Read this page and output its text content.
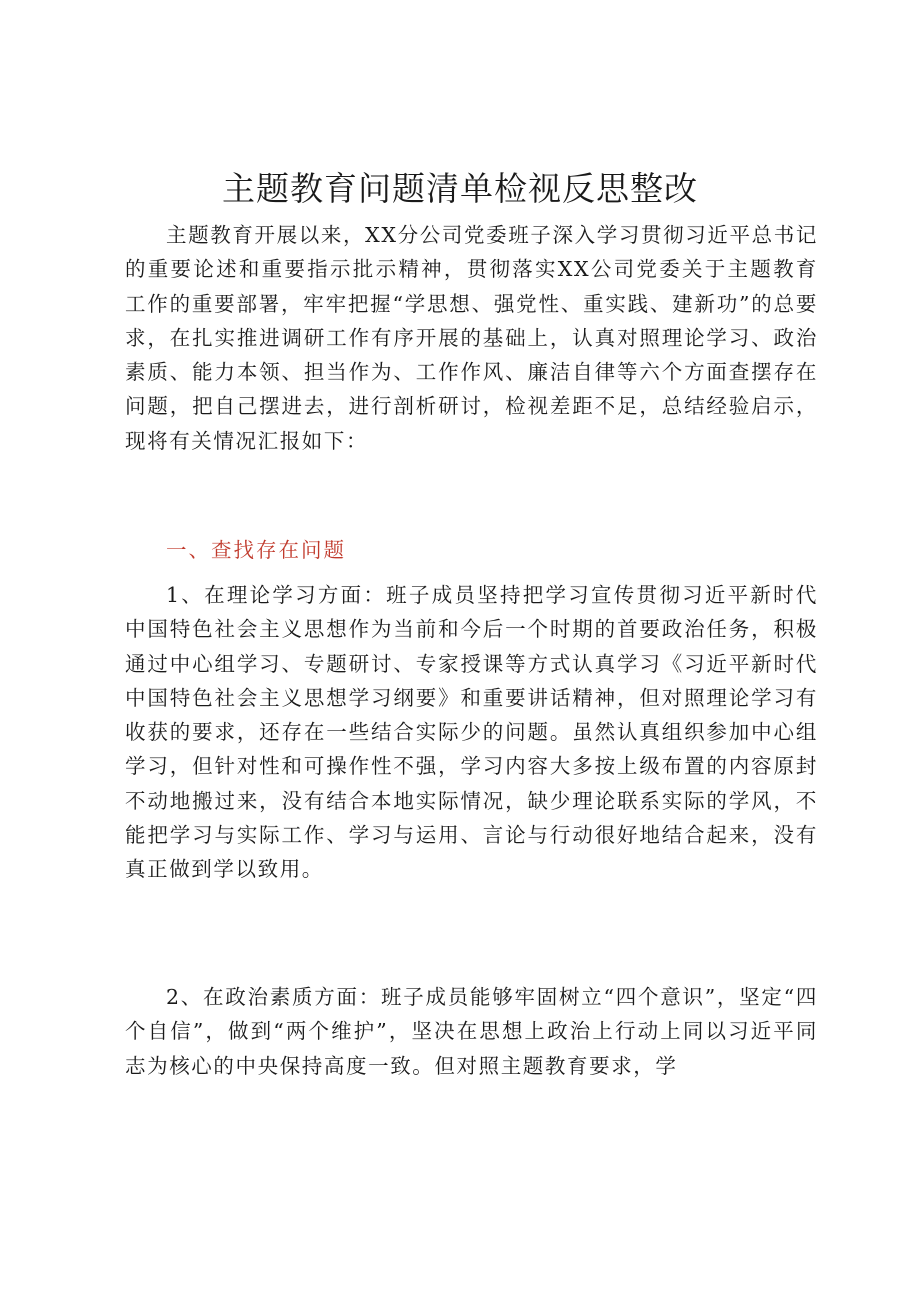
主题教育问题清单检视反思整改

主题教育开展以来，XX分公司党委班子深入学习贯彻习近平总书记的重要论述和重要指示批示精神，贯彻落实XX公司党委关于主题教育工作的重要部署，牢牢把握“学思想、强党性、重实践、建新功”的总要求，在扎实推进调研工作有序开展的基础上，认真对照理论学习、政治素质、能力本领、担当作为、工作作风、廉洁自律等六个方面查摆存在问题，把自己摆进去，进行剖析研讨，检视差距不足，总结经验启示，现将有关情况汇报如下：

一、查找存在问题

1、在理论学习方面：班子成员坚持把学习宣传贯彻习近平新时代中国特色社会主义思想作为当前和今后一个时期的首要政治任务，积极通过中心组学习、专题研讨、专家授课等方式认真学习《习近平新时代中国特色社会主义思想学习纲要》和重要讲话精神，但对照理论学习有收获的要求，还存在一些结合实际少的问题。虽然认真组织参加中心组学习，但针对性和可操作性不强，学习内容大多按上级布置的内容原封不动地搬过来，没有结合本地实际情况，缺少理论联系实际的学风，不能把学习与实际工作、学习与运用、言论与行动很好地结合起来，没有真正做到学以致用。

2、在政治素质方面：班子成员能够牢固树立“四个意识”，坚定“四个自信”，做到“两个维护”，坚决在思想上政治上行动上同以习近平同志为核心的中央保持高度一致。但对照主题教育要求，学
